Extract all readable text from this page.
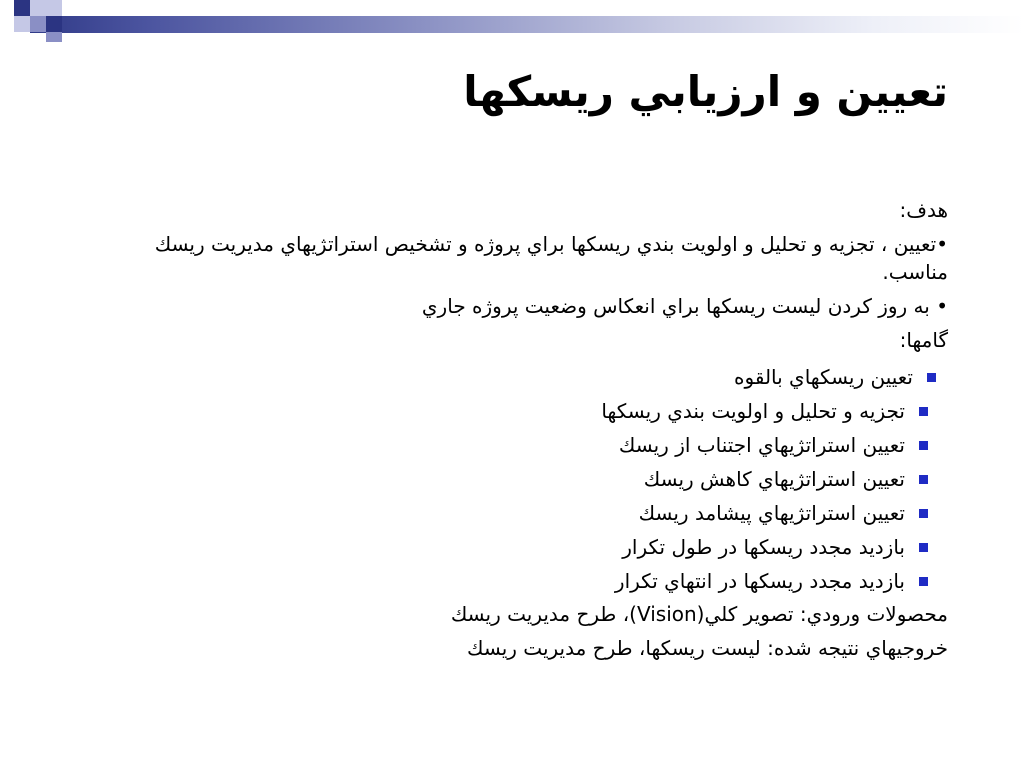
تعيين و ارزيابي ريسكها
هدف:
•تعيين ، تجزيه و تحليل و اولويت بندي ريسكها براي پروژه و تشخيص استراتژيهاي مديريت ريسك مناسب.
• به روز كردن ليست ريسكها براي انعكاس وضعيت پروژه جاري
گامها:
تعيين ريسكهاي بالقوه
تجزيه و تحليل و اولويت بندي ريسكها
تعيين استراتژيهاي اجتناب از ريسك
تعيين استراتژيهاي كاهش ريسك
تعيين استراتژيهاي پيشامد ريسك
بازديد مجدد ريسكها در طول تكرار
بازديد مجدد ريسكها در انتهاي تكرار
محصولات ورودي: تصوير كلي(Vision)، طرح مديريت ريسك
خروجيهاي نتيجه شده: ليست ريسكها، طرح مديريت ريسك
